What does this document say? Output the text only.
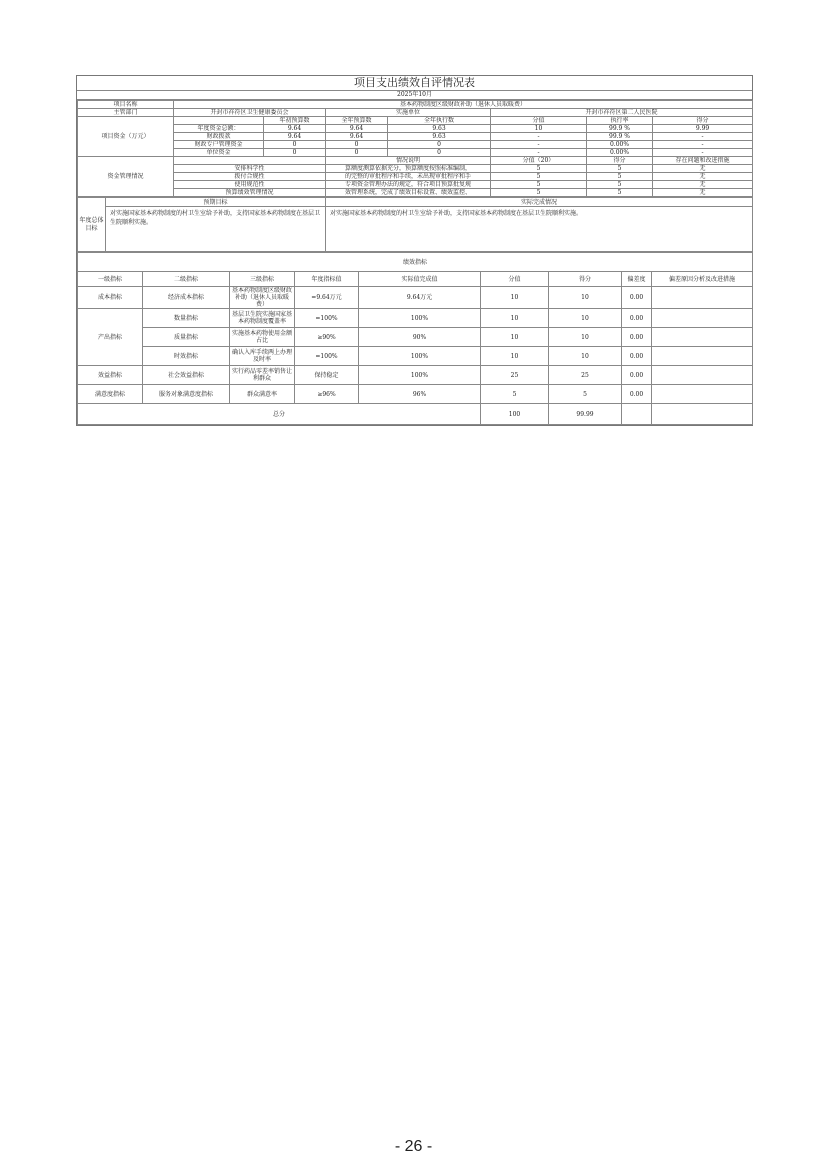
项目支出绩效自评情况表
2025年10月
项目名称	基本药物制度区级财政补助（退休人员取暖费）						
主管部门	开封市祥符区卫生健康委员会		实施单位		开封市祥符区第二人民医院		
项目资金（万元）		年初预算数	全年预算数	全年执行数	分值	执行率	得分
	年度资金总额：	9.64	9.64	9.63	10	99.9 %	9.99
	财政拨款	9.64	9.64	9.63	-	99.9 %	-
	财政专户管理资金	0	0	0	-	0.00%	-
	单位资金	0	0	0	-	0.00%	-
资金管理情况			情况说明		分值（20）	得分	存在问题和改进措施
	安排科学性		算额度测算依据充分，预算额度按照标准编制，		5	5	无
	拨付合规性		的完整的审批程序和手续，未出现审批程序和手		5	5	无
	使用规范性		专项资金管理办法的规定，符合项目预算批复规		5	5	无
	预算绩效管理情况		效管理系统，完成了绩效目标设置、绩效监控、		5	5	无
年度总体目标	预期目标	实际完成情况
	对实施国家基本药物制度的村卫生室给予补助，支持国家基本药物制度在基层卫生院顺利实施。	对实施国家基本药物制度的村卫生室给予补助，支持国家基本药物制度在基层卫生院顺利实施。
绩效指标								
一级指标	二级指标	三级指标	年度指标值	实际值完成值	分值	得分	偏差度	偏差原因分析及改进措施
成本指标	经济成本指标	基本药物制度区级财政补助（退休人员取暖费）	=9.64万元	9.64万元	10	10	0.00	
产出指标	数量指标	基层卫生院实施国家基本药物制度覆盖率	=100%	100%	10	10	0.00	
	质量指标	实施基本药物使用金额占比	≥90%	90%	10	10	0.00	
	时效指标	确认入库手续两上办理及时率	=100%	100%	10	10	0.00	
效益指标	社会效益指标	实行药品零差率销售让利群众	保持稳定	100%	25	25	0.00	
满意度指标	服务对象满意度指标	群众满意率	≥96%	96%	5	5	0.00	
总分					100	99.99		
- 26 -
